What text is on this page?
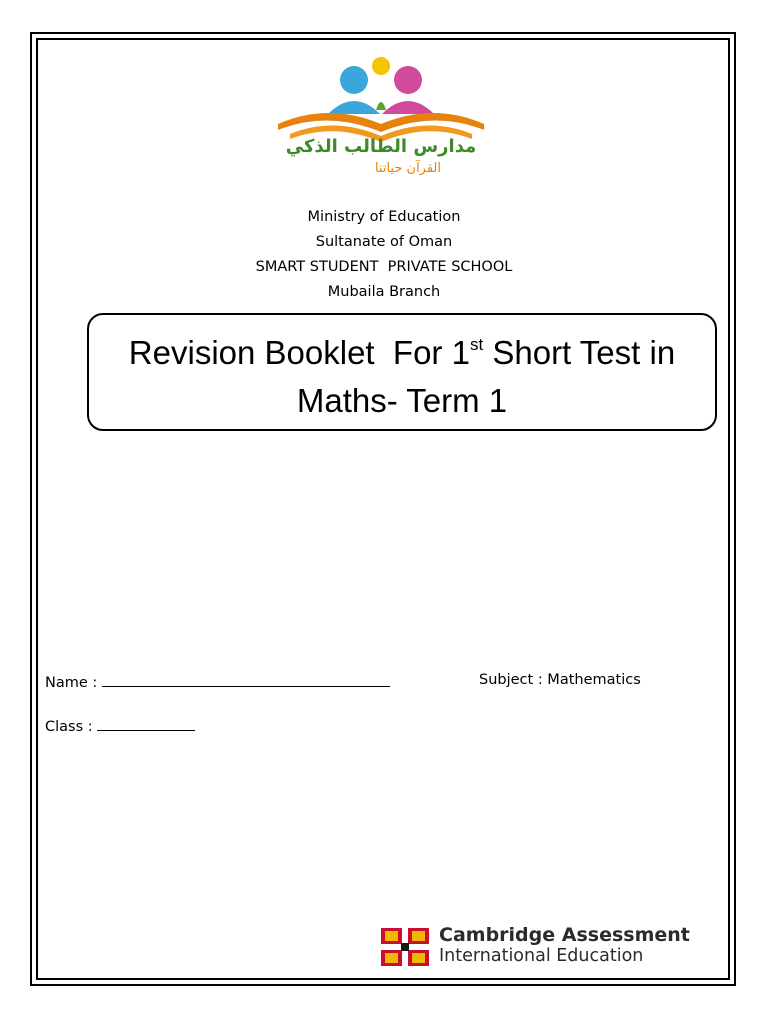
مدارس الطالب الذكي
القرآن حياتنا
Ministry of Education
Sultanate of Oman
SMART STUDENT  PRIVATE SCHOOL
Mubaila Branch
Revision Booklet  For 1st Short Test in
Maths- Term 1
Name :	Subject : Mathematics
Class :
Cambridge Assessment
International Education
